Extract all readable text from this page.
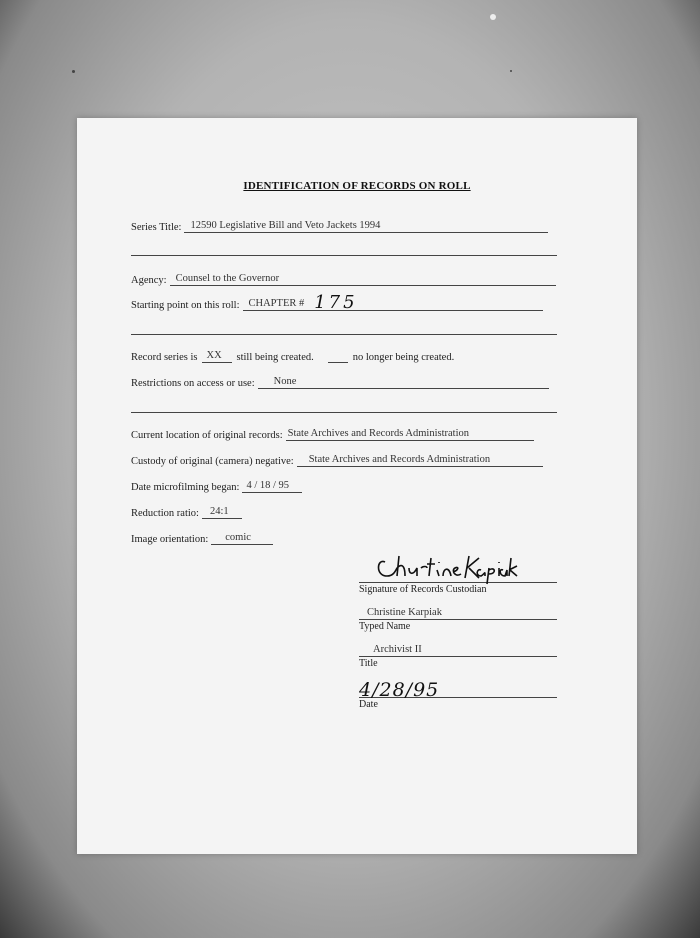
IDENTIFICATION OF RECORDS ON ROLL
Series Title: 12590 Legislative Bill and Veto Jackets 1994
Agency: Counsel to the Governor
Starting point on this roll: CHAPTER # 175
Record series is XX	still being created.	no longer being created.
Restrictions on access or use:	None
Current location of original records: State Archives and Records Administration
Custody of original (camera) negative:	State Archives and Records Administration
Date microfilming began: 4 / 18 / 95
Reduction ratio:	24:1
Image orientation:	comic
Signature of Records Custodian
Christine Karpiak
Typed Name
Archivist II
Title
4/28/95
Date
